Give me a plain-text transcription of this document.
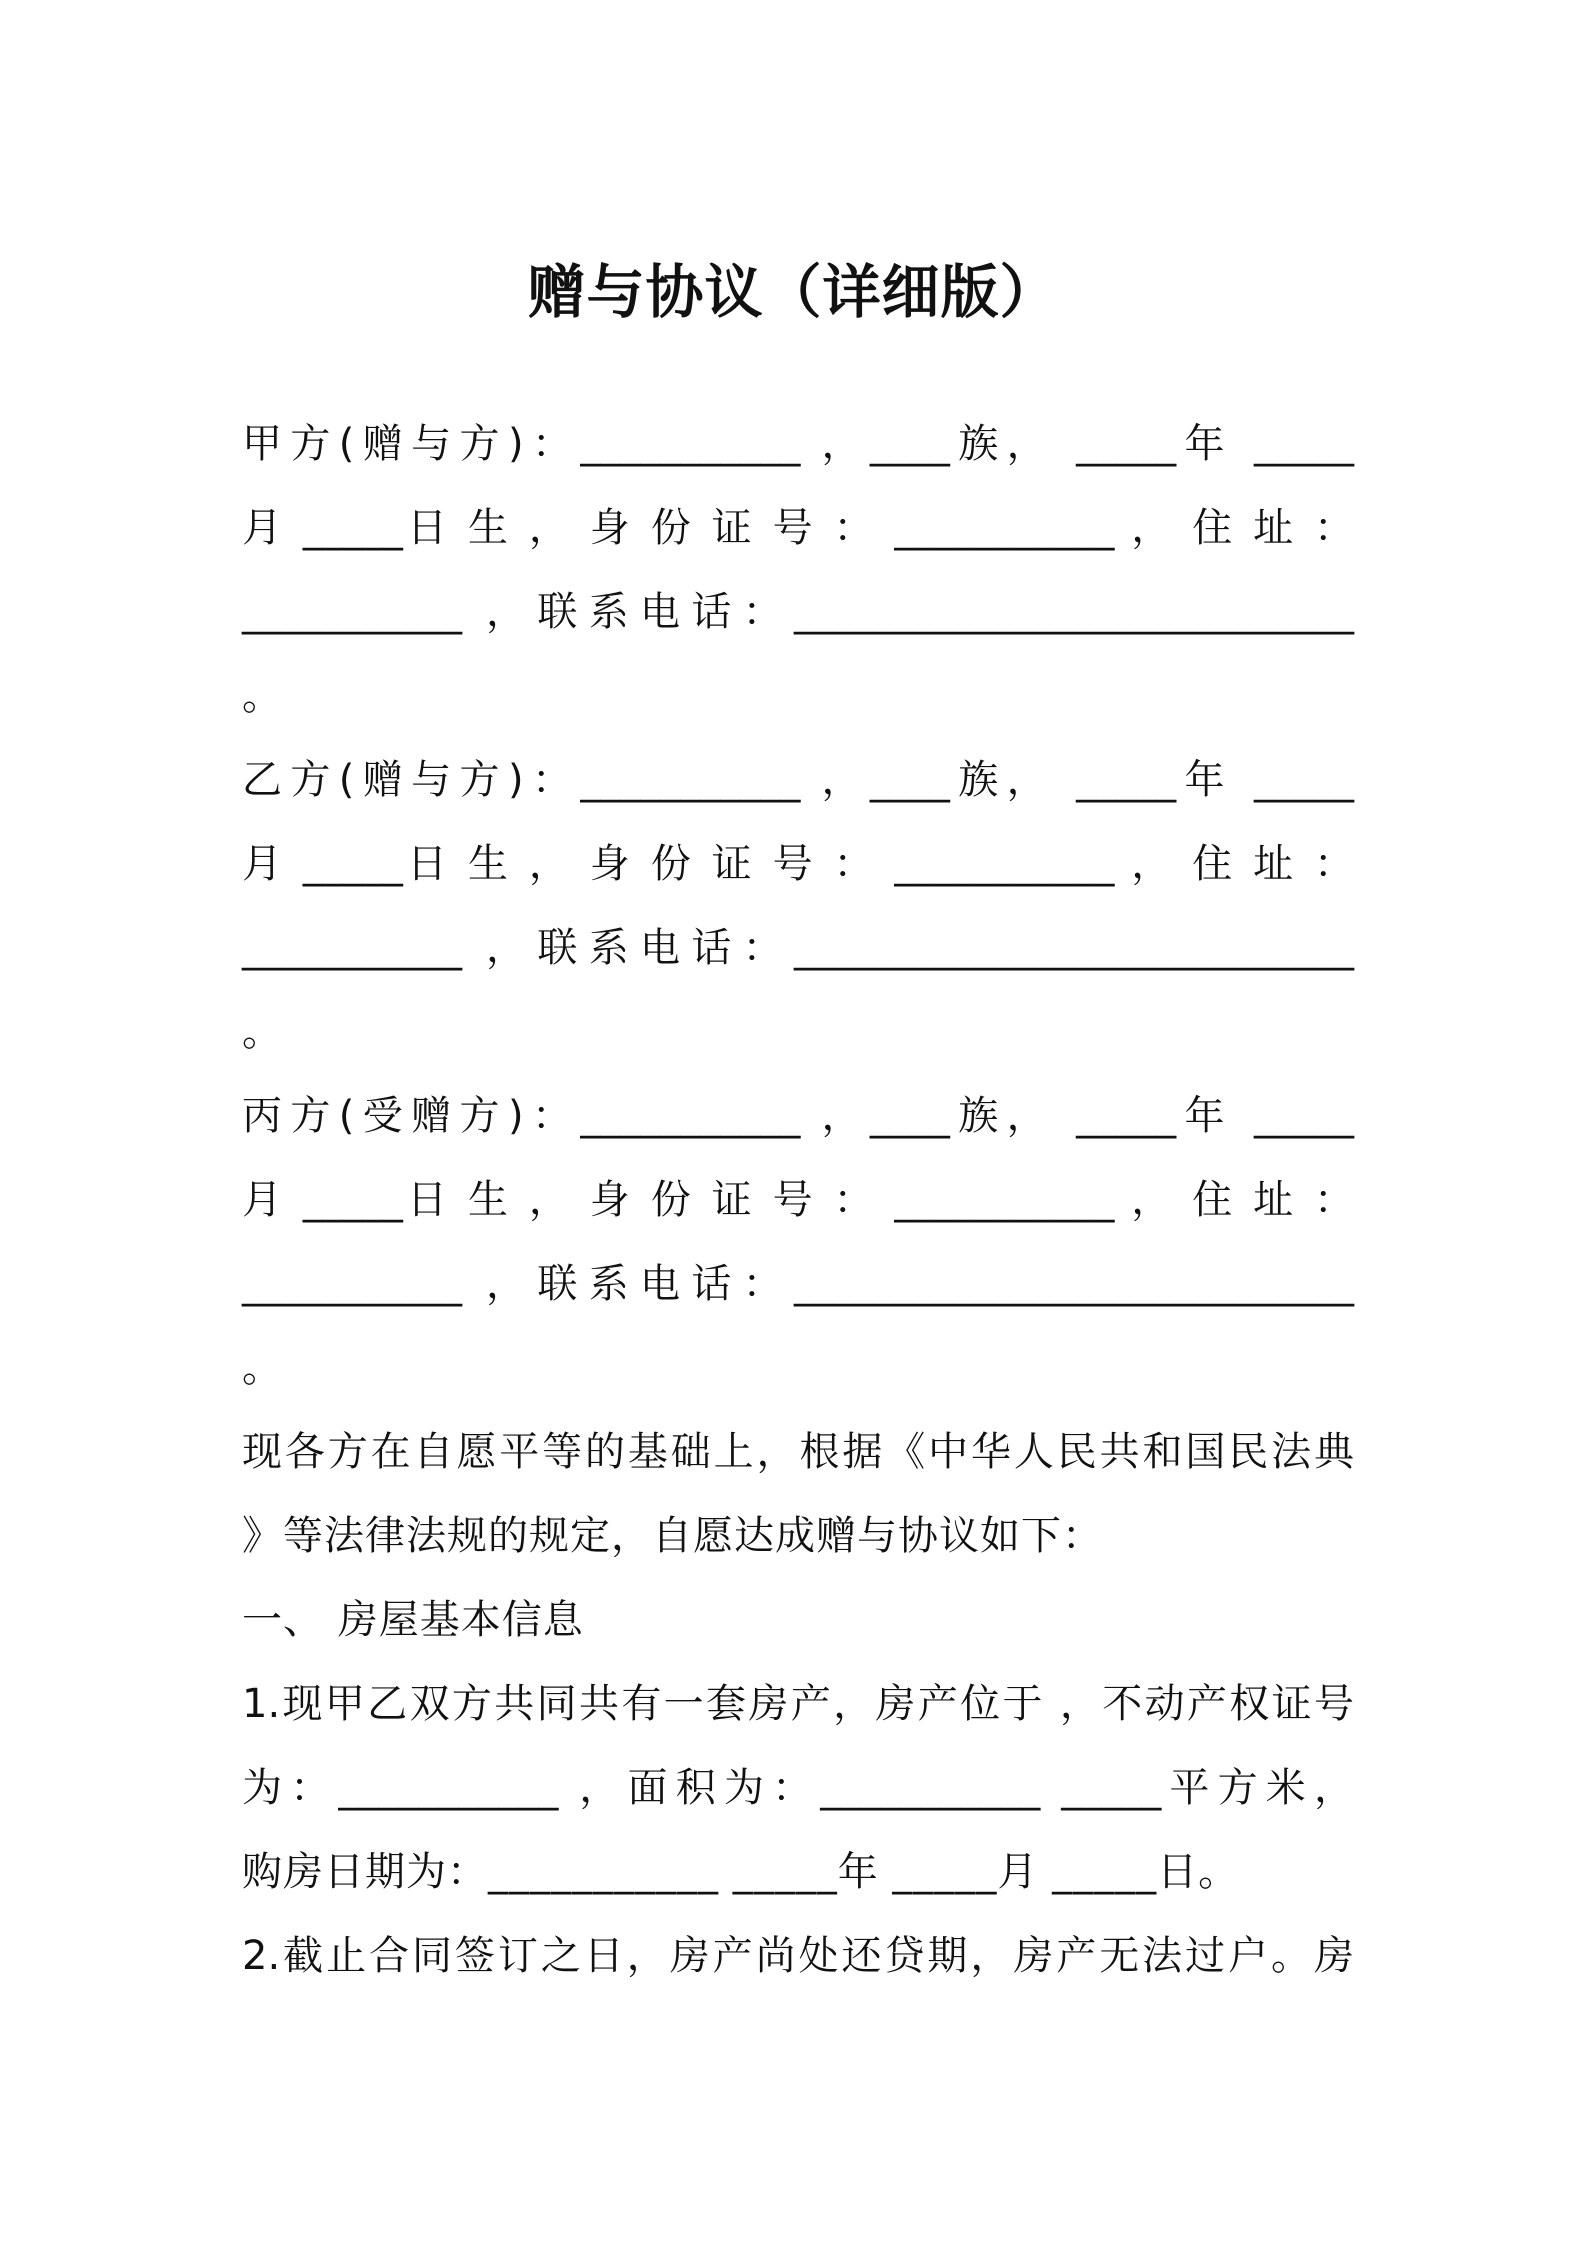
赠与协议（详细版）
甲方(赠与方)：___________ ，____族， _____年 _____
月 _____日 生 ， 身 份 证 号 ： ___________ ， 住 址 ：
___________ ，联系电话：____________________________
。
乙方(赠与方)：___________ ，____族， _____年 _____
月 _____日 生 ， 身 份 证 号 ： ___________ ， 住 址 ：
___________ ，联系电话：____________________________
。
丙方(受赠方)：___________ ，____族， _____年 _____
月 _____日 生 ， 身 份 证 号 ： ___________ ， 住 址 ：
___________ ，联系电话：____________________________
。
现各方在自愿平等的基础上，根据《中华人民共和国民法典
》等法律法规的规定，自愿达成赠与协议如下：
一、 房屋基本信息
1.现甲乙双方共同共有一套房产，房产位于 ，不动产权证号
为：___________ ，面积为：___________ _____平方米，
购房日期为：___________ _____年 _____月 _____日。
2.截止合同签订之日，房产尚处还贷期，房产无法过户。房
